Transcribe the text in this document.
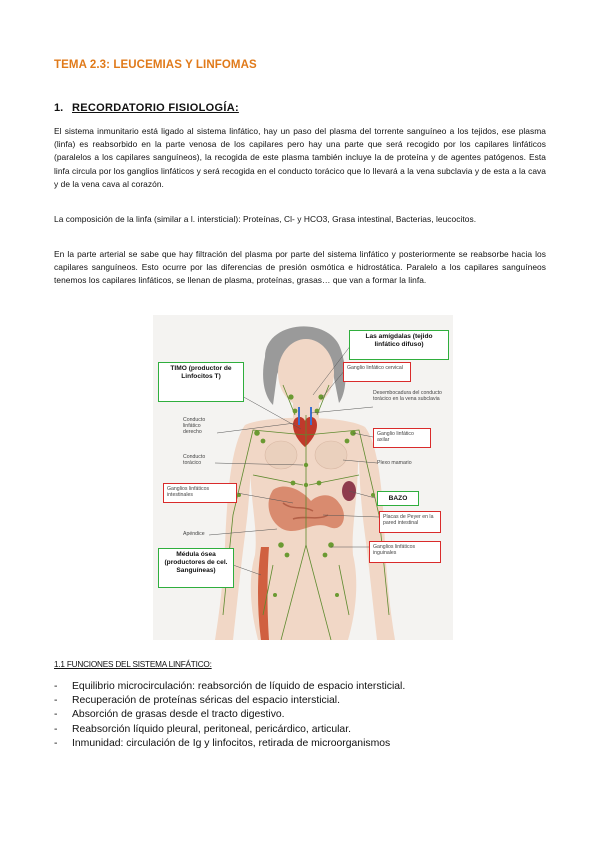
TEMA 2.3: LEUCEMIAS Y LINFOMAS
1. RECORDATORIO FISIOLOGÍA:

El sistema inmunitario está ligado al sistema linfático, hay un paso del plasma del torrente sanguíneo a los tejidos, ese plasma (linfa) es reabsorbido en la parte venosa de los capilares pero hay una parte que será recogido por los capilares linfáticos (paralelos a los capilares sanguíneos), la recogida de este plasma también incluye la de proteína y de agentes patógenos. Esta linfa circula por los ganglios linfáticos y será recogida en el conducto torácico que lo llevará a la vena subclavia y de esta a la cava y de la vena cava al corazón.

La composición de la linfa (similar a l. intersticial): Proteínas, Cl- y HCO3, Grasa intestinal, Bacterias, leucocitos.

En la parte arterial se sabe que hay filtración del plasma por parte del sistema linfático y posteriormente se reabsorbe hacia los capilares sanguíneos. Esto ocurre por las diferencias de presión osmótica e hidrostática. Paralelo a los capilares sanguíneos tenemos los capilares linfáticos, se llenan de plasma, proteínas, grasas… que van a formar la linfa.

Las amígdalas (tejido linfático difuso)
Ganglio linfático cervical
Desembocadura del conducto torácico en la vena subclavia
Ganglio linfático axilar
Plexo mamario
BAZO
Placas de Peyer en la pared intestinal
Ganglios linfáticos inguinales
TIMO (productor de Linfocitos T)
Conducto linfático derecho
Conducto torácico
Ganglios linfáticos intestinales
Apéndice
Médula ósea (productores de cel. Sanguíneas)
1.1 FUNCIONES DEL SISTEMA LINFÁTICO:
- Equilibrio microcirculación: reabsorción de líquido de espacio intersticial.
- Recuperación de proteínas séricas del espacio intersticial.
- Absorción de grasas desde el tracto digestivo.
- Reabsorción líquido pleural, peritoneal, pericárdico, articular.
- Inmunidad: circulación de Ig y linfocitos, retirada de microorganismos
